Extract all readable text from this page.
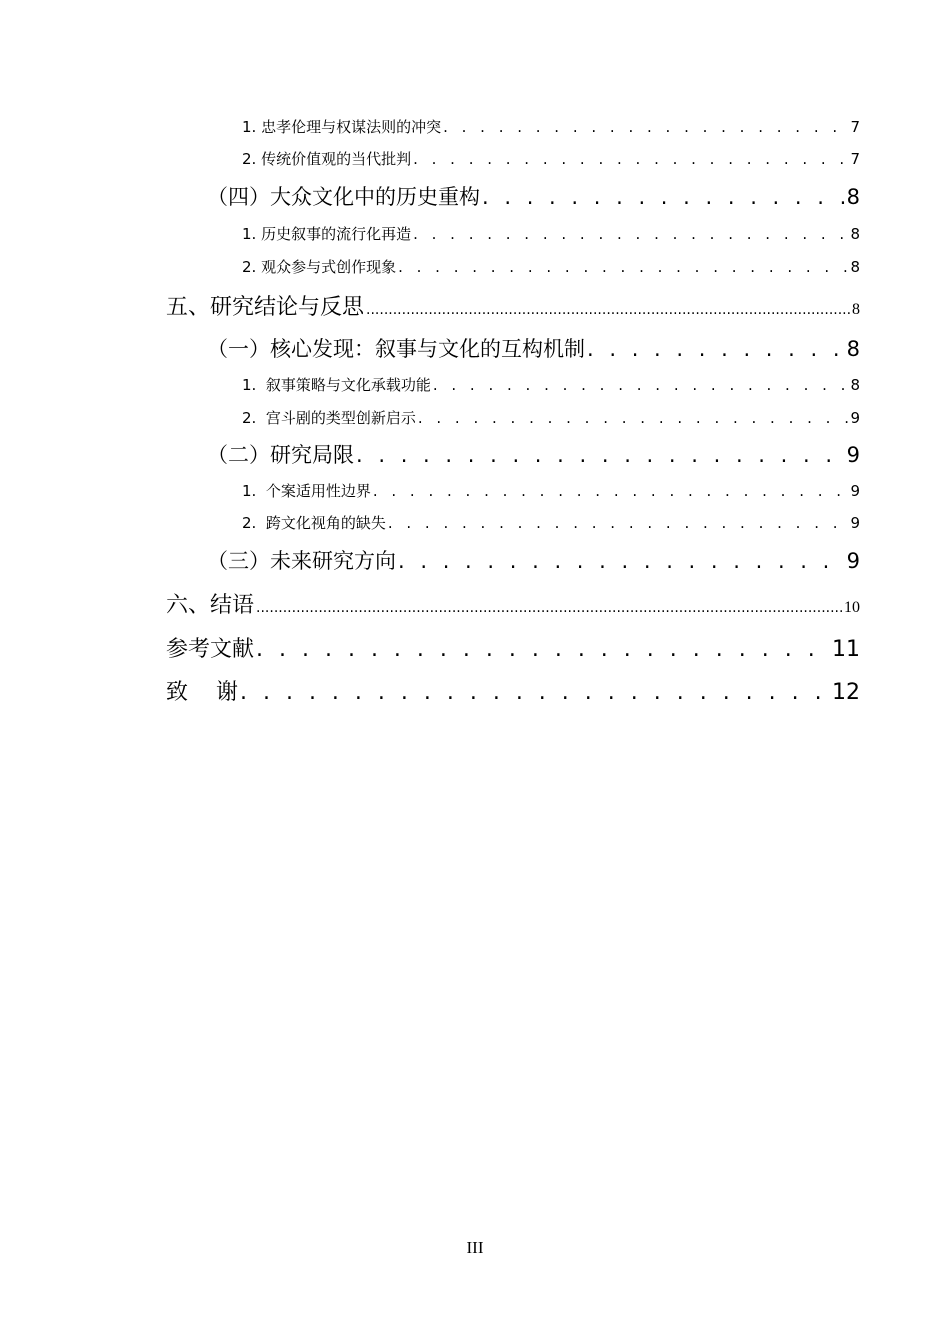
1. 忠孝伦理与权谋法则的冲突 . . .	7
2. 传统价值观的当代批判 . . .	7
（四）大众文化中的历史重构 . . .	8
1. 历史叙事的流行化再造 . . .	8
2. 观众参与式创作现象 . . .	8
五、研究结论与反思 .....	8
（一）核心发现：叙事与文化的互构机制 . . .	8
1.  叙事策略与文化承载功能 . . .	8
2.  宫斗剧的类型创新启示 . . .	9
（二）研究局限 . . .	9
1.  个案适用性边界 . . .	9
2.  跨文化视角的缺失 . . .	9
（三）未来研究方向 . . .	9
六、结语 .....	10
参考文献 . . .	11
致    谢 . . .	12
III
